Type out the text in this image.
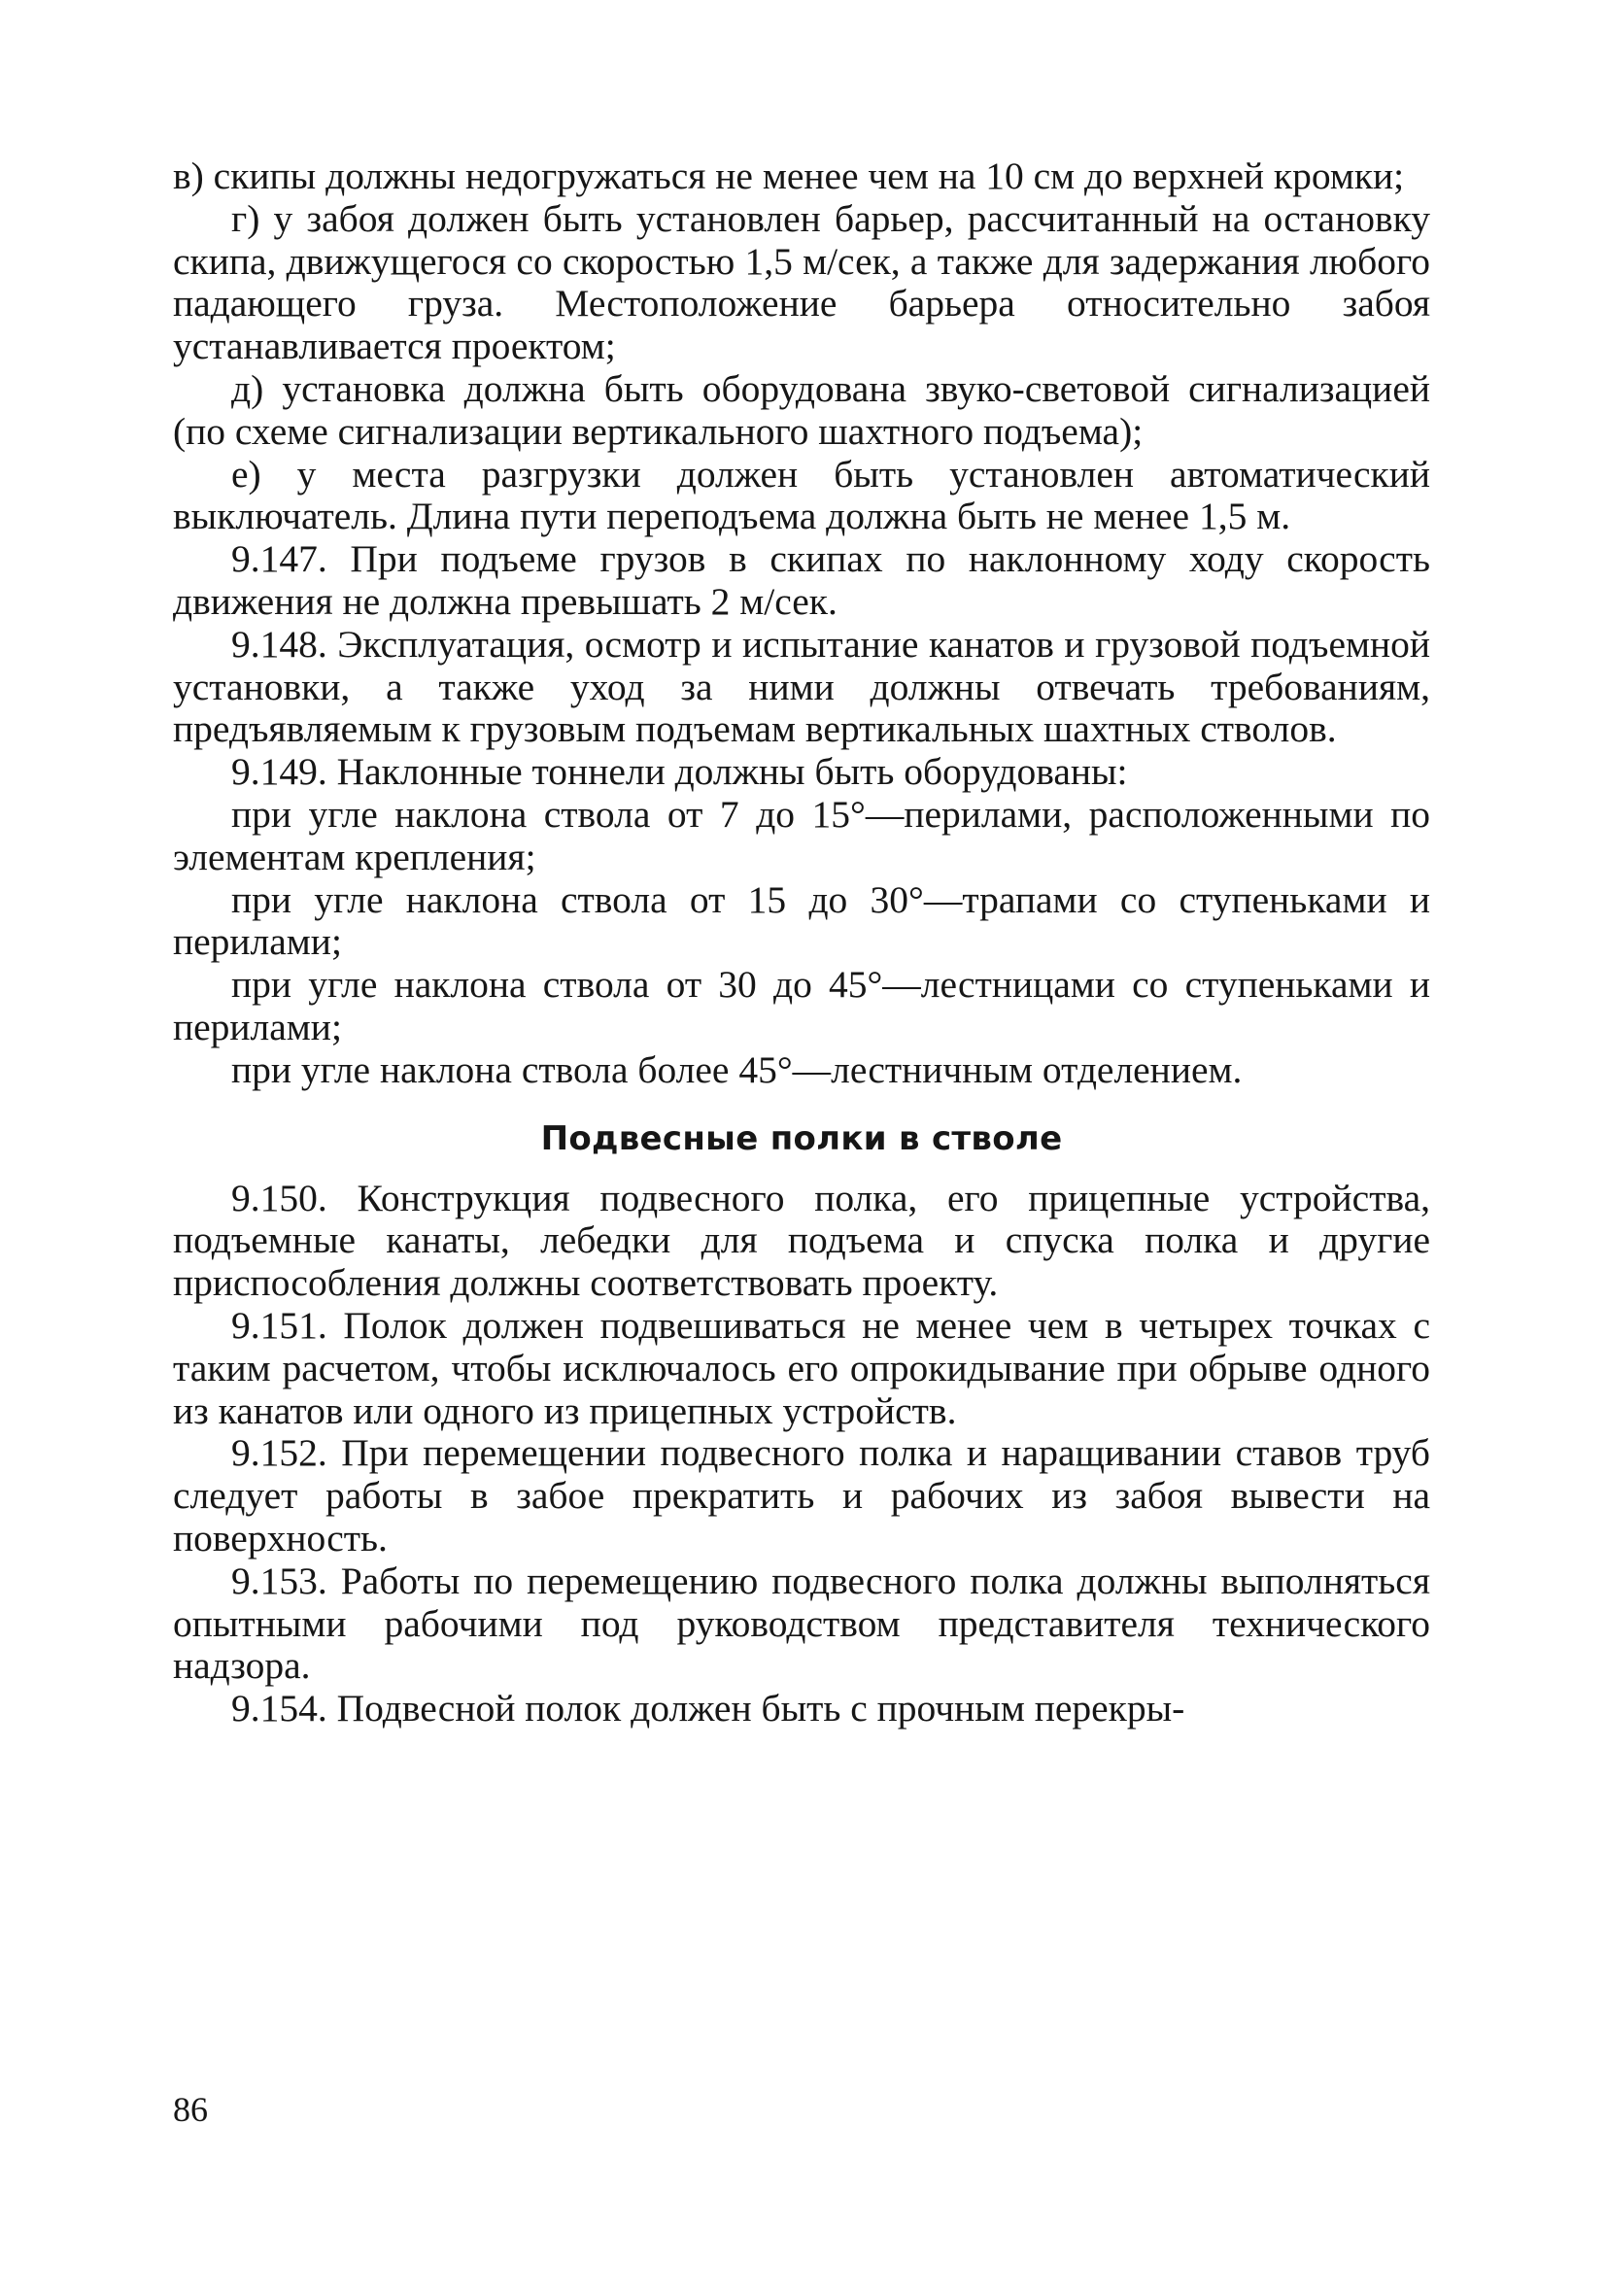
в) скипы должны недогружаться не менее чем на 10 см до верхней кромки;

г) у забоя должен быть установлен барьер, рассчитанный на остановку скипа, движущегося со скоростью 1,5 м/сек, а также для задержания любого падающего груза. Местоположение барьера относительно забоя устанавливается проектом;

д) установка должна быть оборудована звуко-световой сигнализацией (по схеме сигнализации вертикального шахтного подъема);

е) у места разгрузки должен быть установлен автоматический выключатель. Длина пути переподъема должна быть не менее 1,5 м.

9.147. При подъеме грузов в скипах по наклонному ходу скорость движения не должна превышать 2 м/сек.

9.148. Эксплуатация, осмотр и испытание канатов и грузовой подъемной установки, а также уход за ними должны отвечать требованиям, предъявляемым к грузовым подъемам вертикальных шахтных стволов.

9.149. Наклонные тоннели должны быть оборудованы:

при угле наклона ствола от 7 до 15°—перилами, расположенными по элементам крепления;

при угле наклона ствола от 15 до 30°—трапами со ступеньками и перилами;

при угле наклона ствола от 30 до 45°—лестницами со ступеньками и перилами;

при угле наклона ствола более 45°—лестничным отделением.

Подвесные полки в стволе

9.150. Конструкция подвесного полка, его прицепные устройства, подъемные канаты, лебедки для подъема и спуска полка и другие приспособления должны соответствовать проекту.

9.151. Полок должен подвешиваться не менее чем в четырех точках с таким расчетом, чтобы исключалось его опрокидывание при обрыве одного из канатов или одного из прицепных устройств.

9.152. При перемещении подвесного полка и наращивании ставов труб следует работы в забое прекратить и рабочих из забоя вывести на поверхность.

9.153. Работы по перемещению подвесного полка должны выполняться опытными рабочими под руководством представителя технического надзора.

9.154. Подвесной полок должен быть с прочным перекры-

86
